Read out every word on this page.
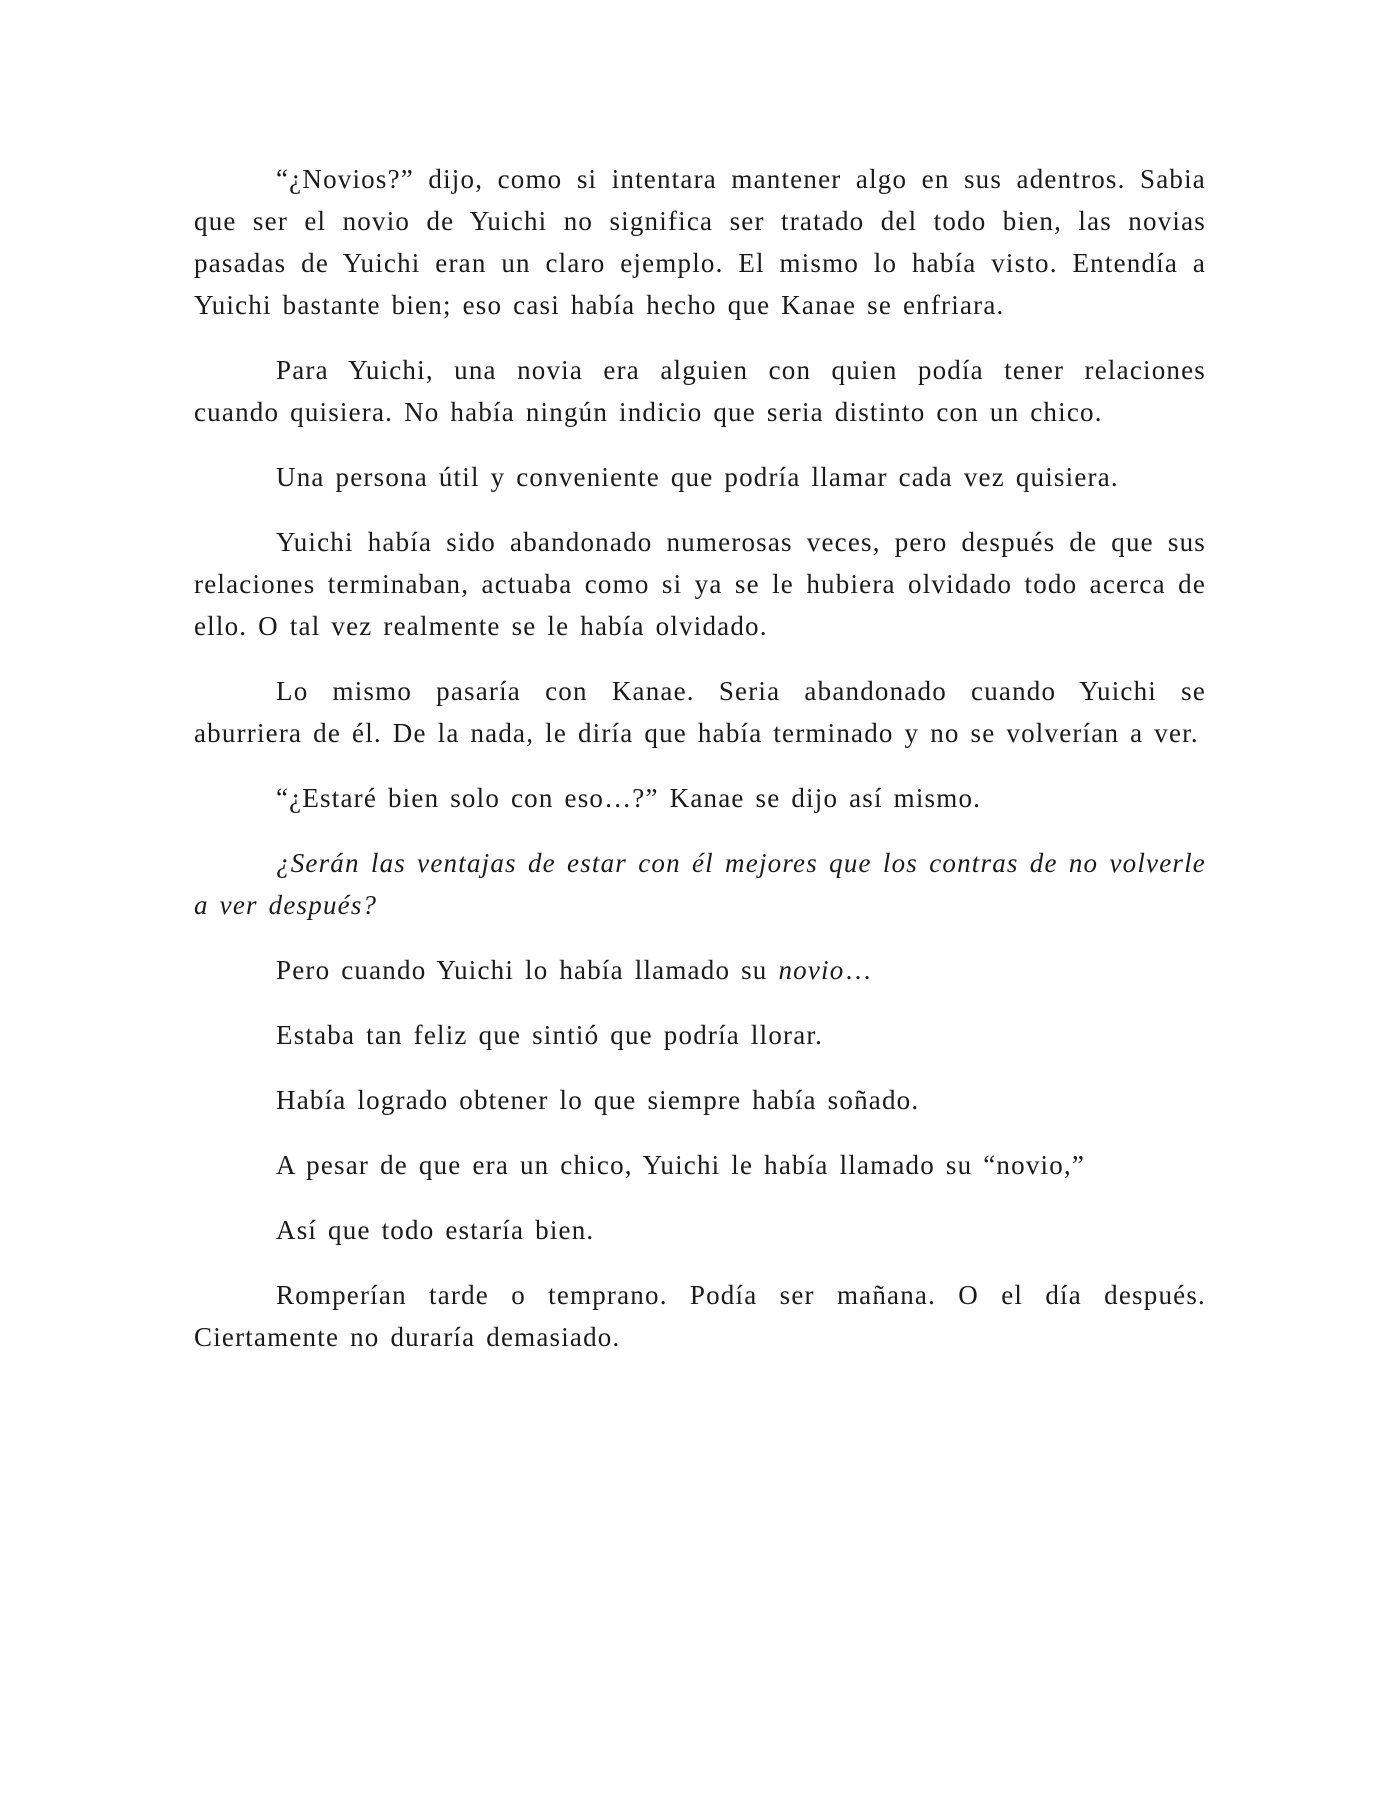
“¿Novios?” dijo, como si intentara mantener algo en sus adentros. Sabia que ser el novio de Yuichi no significa ser tratado del todo bien, las novias pasadas de Yuichi eran un claro ejemplo. El mismo lo había visto. Entendía a Yuichi bastante bien; eso casi había hecho que Kanae se enfriara.

Para Yuichi, una novia era alguien con quien podía tener relaciones cuando quisiera. No había ningún indicio que seria distinto con un chico.

Una persona útil y conveniente que podría llamar cada vez quisiera.

Yuichi había sido abandonado numerosas veces, pero después de que sus relaciones terminaban, actuaba como si ya se le hubiera olvidado todo acerca de ello. O tal vez realmente se le había olvidado.

Lo mismo pasaría con Kanae. Seria abandonado cuando Yuichi se aburriera de él. De la nada, le diría que había terminado y no se volverían a ver.

“¿Estaré bien solo con eso…?” Kanae se dijo así mismo.

¿Serán las ventajas de estar con él mejores que los contras de no volverle a ver después?

Pero cuando Yuichi lo había llamado su novio…

Estaba tan feliz que sintió que podría llorar.

Había logrado obtener lo que siempre había soñado.

A pesar de que era un chico, Yuichi le había llamado su “novio,”

Así que todo estaría bien.

Romperían tarde o temprano. Podía ser mañana. O el día después. Ciertamente no duraría demasiado.
